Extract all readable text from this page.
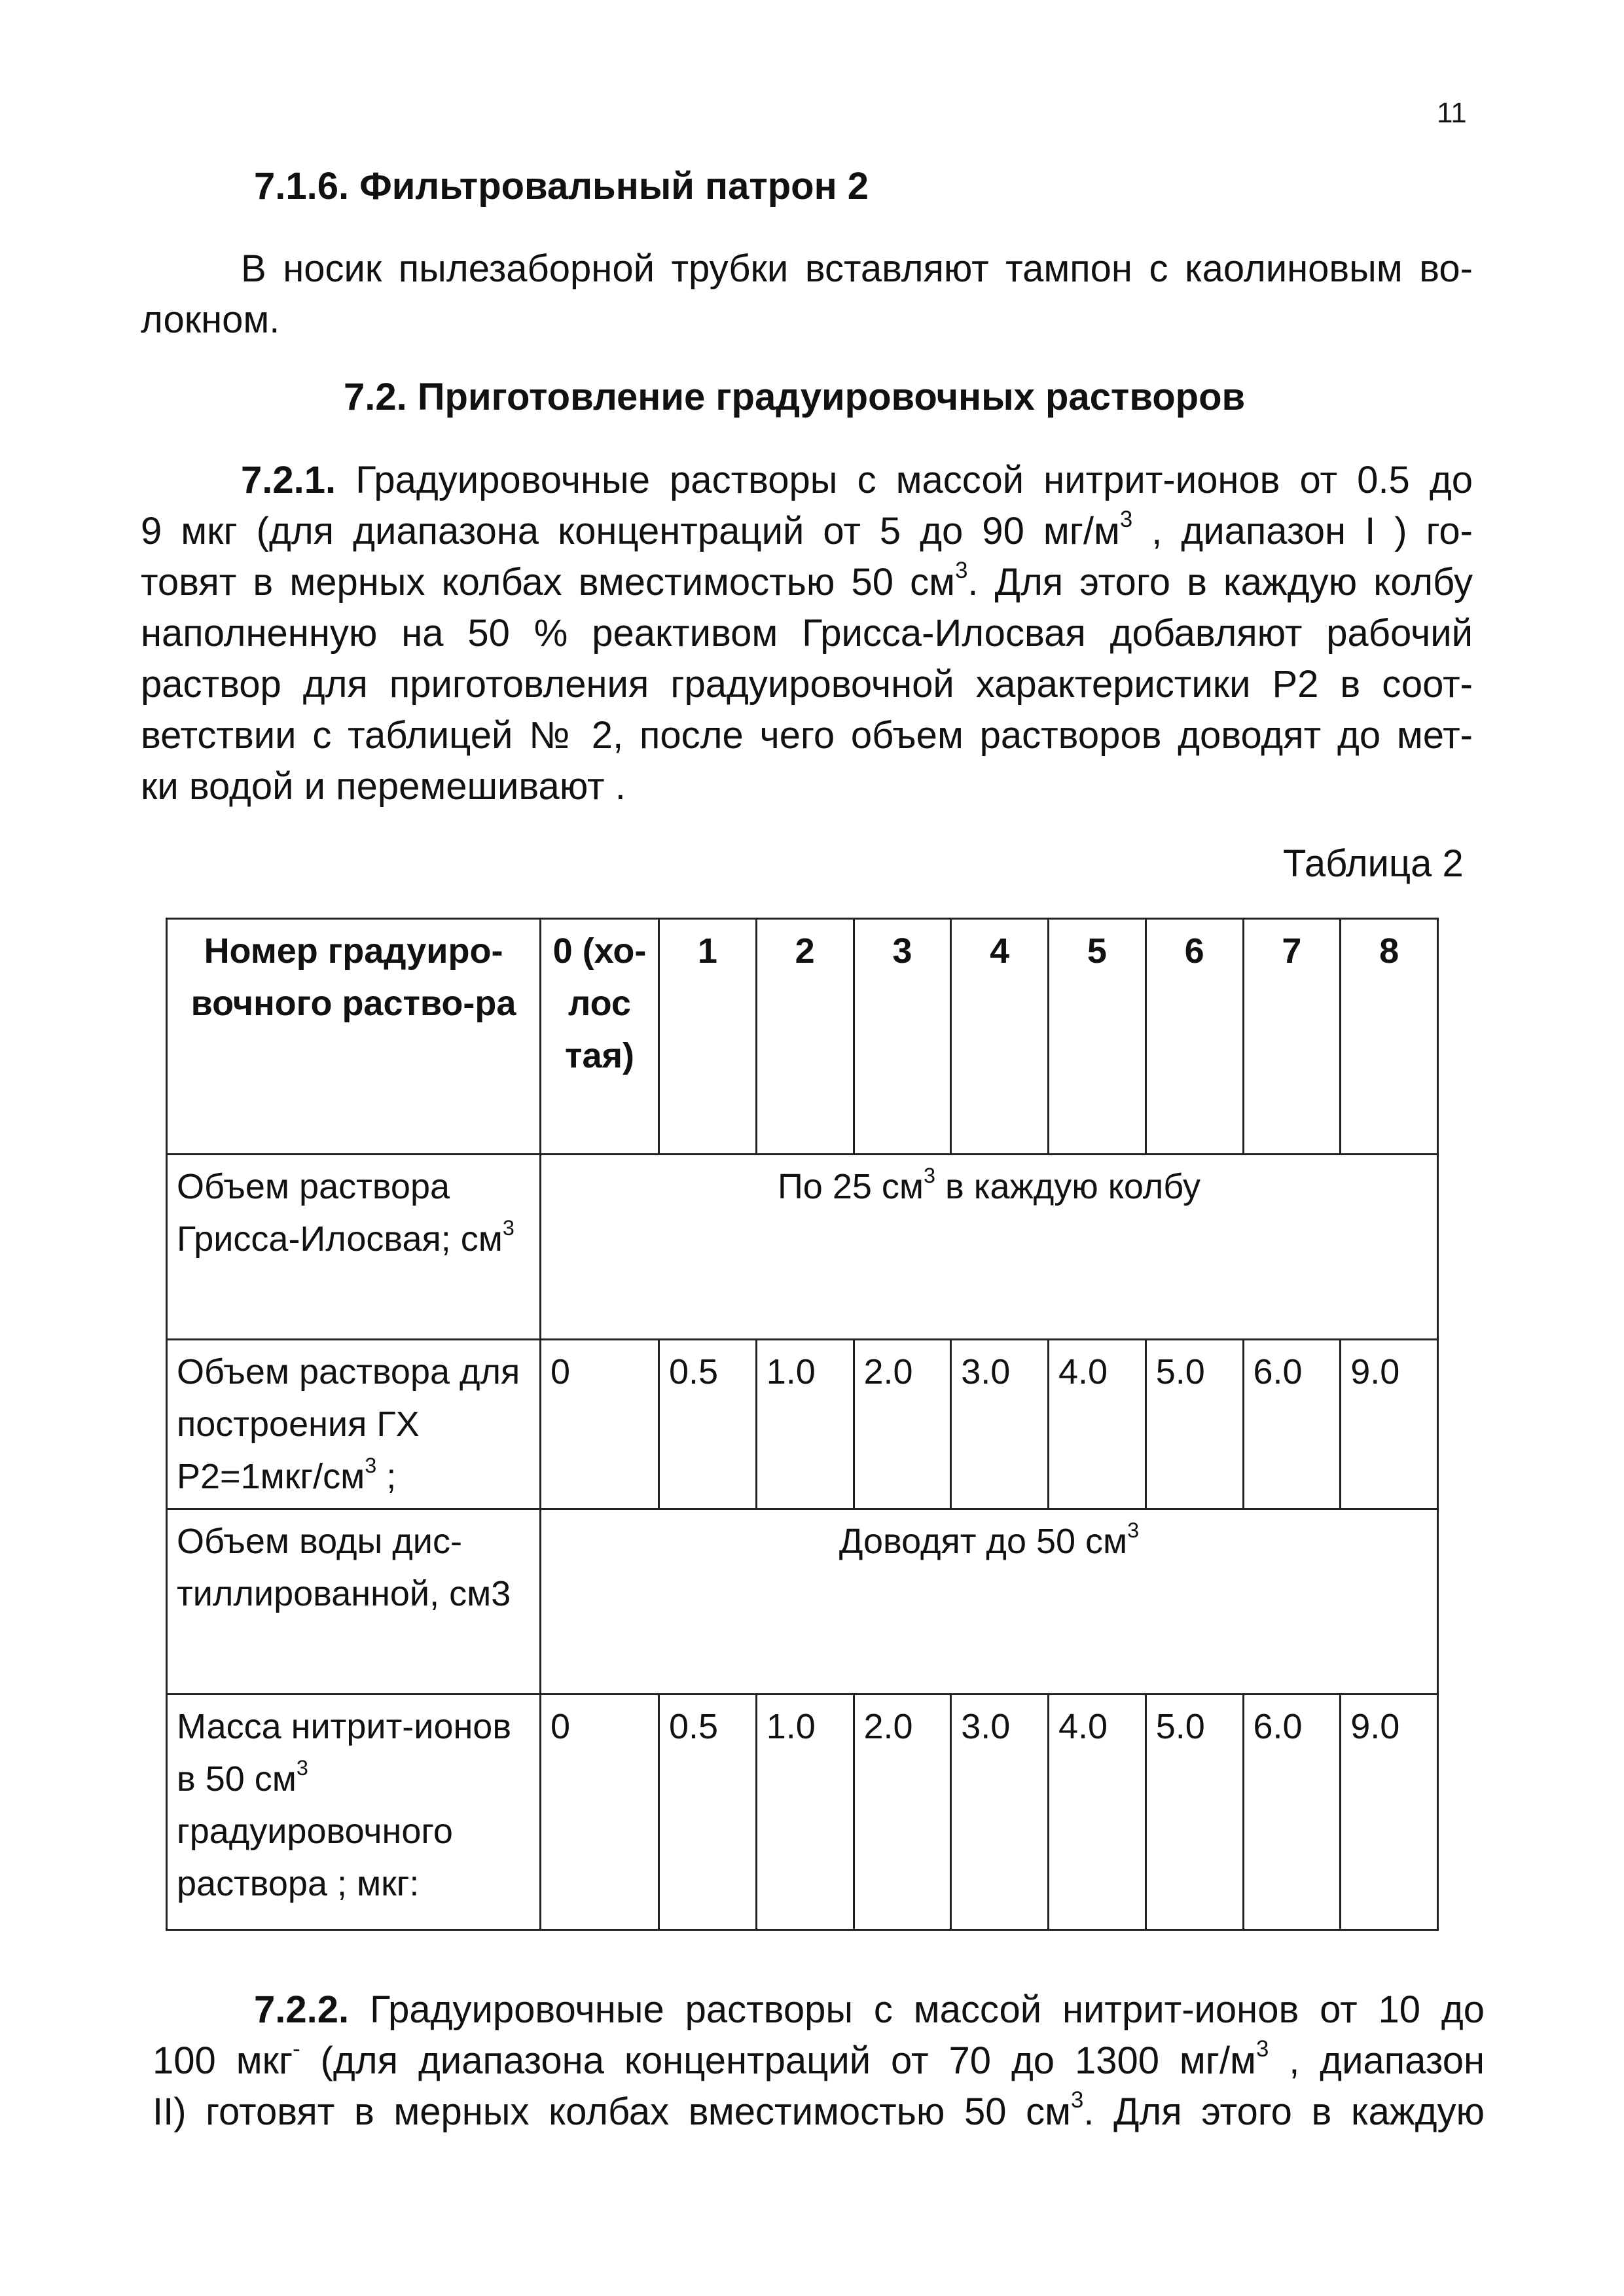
11
7.1.6. Фильтровальный патрон 2
В носик пылезаборной трубки вставляют тампон с каолиновым во-
локном.
7.2. Приготовление градуировочных растворов
7.2.1. Градуировочные растворы с массой нитрит-ионов от 0.5 до
9 мкг (для диапазона концентраций от 5 до 90 $мг/м^3$ , диапазон I ) го-
товят в мерных колбах вместимостью 50 $см^3$. Для этого в каждую колбу
наполненную на 50 % реактивом Грисса-Илосвая добавляют рабочий
раствор для приготовления градуировочной характеристики Р2 в соот-
ветствии с таблицей № 2, после чего объем растворов доводят до мет-
ки водой и перемешивают .
Таблица 2
Номер градуиро-вочного раство-ра	0 (хо-лос тая)	1	2	3	4	5	6	7	8
Объем раствора Грисса-Илосвая; $см^3$	По 25 $см^3$ в каждую колбу								
Объем раствора для построения ГХ $Р2=1мкг/см^3$ ;	0	0.5	1.0	2.0	3.0	4.0	5.0	6.0	9.0
Объем воды дис-тиллированной, см3	Доводят до 50 $см^3$
Масса нитрит-ионов в 50 $см^3$ градуировочного раствора ; мкг:	0	0.5	1.0	2.0	3.0	4.0	5.0	6.0	9.0
7.2.2. Градуировочные растворы с массой нитрит-ионов от 10 до
100 мкг- (для диапазона концентраций от 70 до 1300 $мг/м^3$ , диапазон
II) готовят в мерных колбах вместимостью 50 $см^3$. Для этого в каждую
